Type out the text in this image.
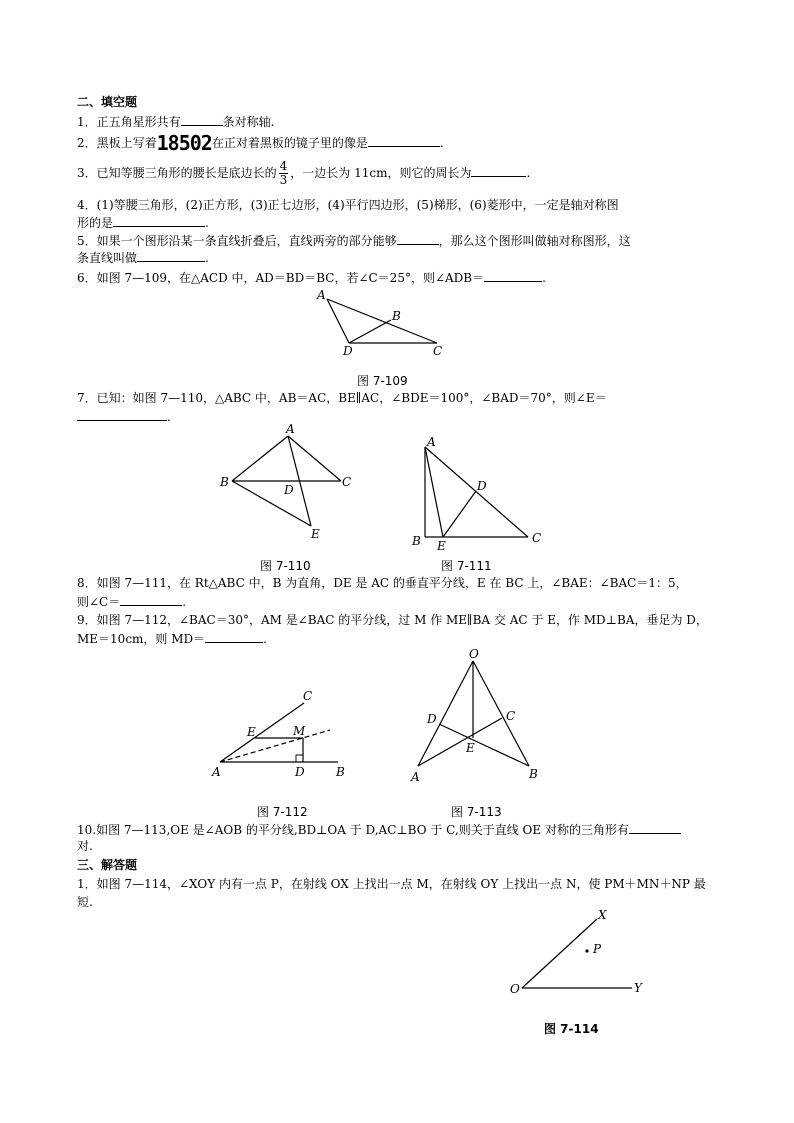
二、填空题
1．正五角星形共有	条对称轴.
2．黑板上写着18502在正对着黑板的镜子里的像是	.
3．已知等腰三角形的腰长是底边长的 $\frac{4}{3}$ ，一边长为 11cm，则它的周长为	.
4．(1)等腰三角形，(2)正方形，(3)正七边形，(4)平行四边形，(5)梯形，(6)菱形中，一定是轴对称图
形的是	.
5．如果一个图形沿某一条直线折叠后，直线两旁的部分能够	，那么这个图形叫做轴对称图形，这
条直线叫做	.
6．如图 7—109，在△ACD 中，AD＝BD＝BC，若∠C＝25°，则∠ADB＝	.
A
B
C
D
图 7-109
7．已知：如图 7—110，△ABC 中，AB＝AC，BE∥AC，∠BDE＝100°，∠BAD＝70°，则∠E＝
.
A
B	C
D
E
图 7-110
A
B	C
D
E
图 7-111
8．如图 7—111，在 Rt△ABC 中，B 为直角，DE 是 AC 的垂直平分线，E 在 BC 上，∠BAE：∠BAC＝1：5，
则∠C＝	.
9．如图 7—112，∠BAC＝30°，AM 是∠BAC 的平分线，过 M 作 ME∥BA 交 AC 于 E，作 MD⊥BA，垂足为 D，
ME＝10cm，则 MD＝	.
C
E	M
A	D	B
图 7-112
O
D	C
E
A	B
图 7-113
10.如图 7—113,OE 是∠AOB 的平分线,BD⊥OA 于 D,AC⊥BO 于 C,则关于直线 OE 对称的三角形有
对.
三、解答题
1．如图 7—114，∠XOY 内有一点 P，在射线 OX 上找出一点 M，在射线 OY 上找出一点 N，使 PM＋MN＋NP 最
短.
X
P
O	Y
图 7-114
